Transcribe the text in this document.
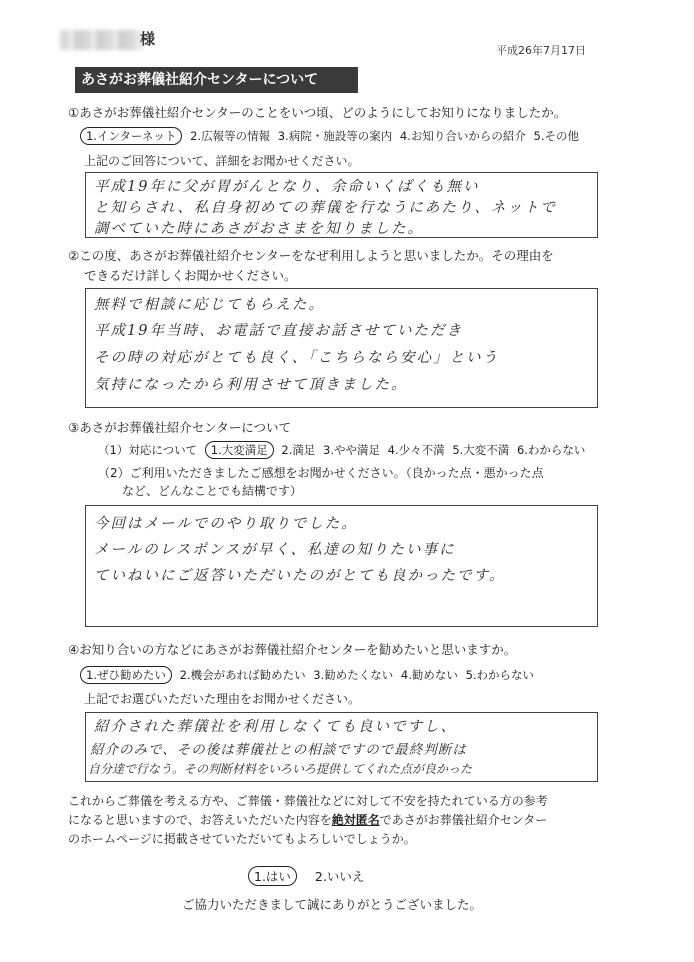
様
平成26年7月17日
あさがお葬儀社紹介センターについて
①あさがお葬儀社紹介センターのことをいつ頃、どのようにしてお知りになりましたか。
1.インターネット 2.広報等の情報 3.病院・施設等の案内 4.お知り合いからの紹介 5.その他
上記のご回答について、詳細をお聞かせください。
平成19年に父が胃がんとなり、余命いくばくも無い
と知らされ、私自身初めての葬儀を行なうにあたり、ネットで
調べていた時にあさがおさまを知りました。
②この度、あさがお葬儀社紹介センターをなぜ利用しようと思いましたか。その理由を
できるだけ詳しくお聞かせください。
無料で相談に応じてもらえた。
平成19年当時、お電話で直接お話させていただき
その時の対応がとても良く、「こちらなら安心」という
気持になったから利用させて頂きました。
③あさがお葬儀社紹介センターについて
（1）対応について 1.大変満足 2.満足 3.やや満足 4.少々不満 5.大変不満 6.わからない
（2）ご利用いただきましたご感想をお聞かせください。（良かった点・悪かった点
など、どんなことでも結構です）
今回はメールでのやり取りでした。
メールのレスポンスが早く、私達の知りたい事に
ていねいにご返答いただいたのがとても良かったです。
④お知り合いの方などにあさがお葬儀社紹介センターを勧めたいと思いますか。
1.ぜひ勧めたい 2.機会があれば勧めたい 3.勧めたくない 4.勧めない 5.わからない
上記でお選びいただいた理由をお聞かせください。
紹介された葬儀社を利用しなくても良いですし、
紹介のみで、その後は葬儀社との相談ですので最終判断は
自分達で行なう。その判断材料をいろいろ提供してくれた点が良かった
これからご葬儀を考える方や、ご葬儀・葬儀社などに対して不安を持たれている方の参考
になると思いますので、お答えいただいた内容を絶対匿名であさがお葬儀社紹介センター
のホームページに掲載させていただいてもよろしいでしょうか。
1.はい 2.いいえ
ご協力いただきまして誠にありがとうございました。
